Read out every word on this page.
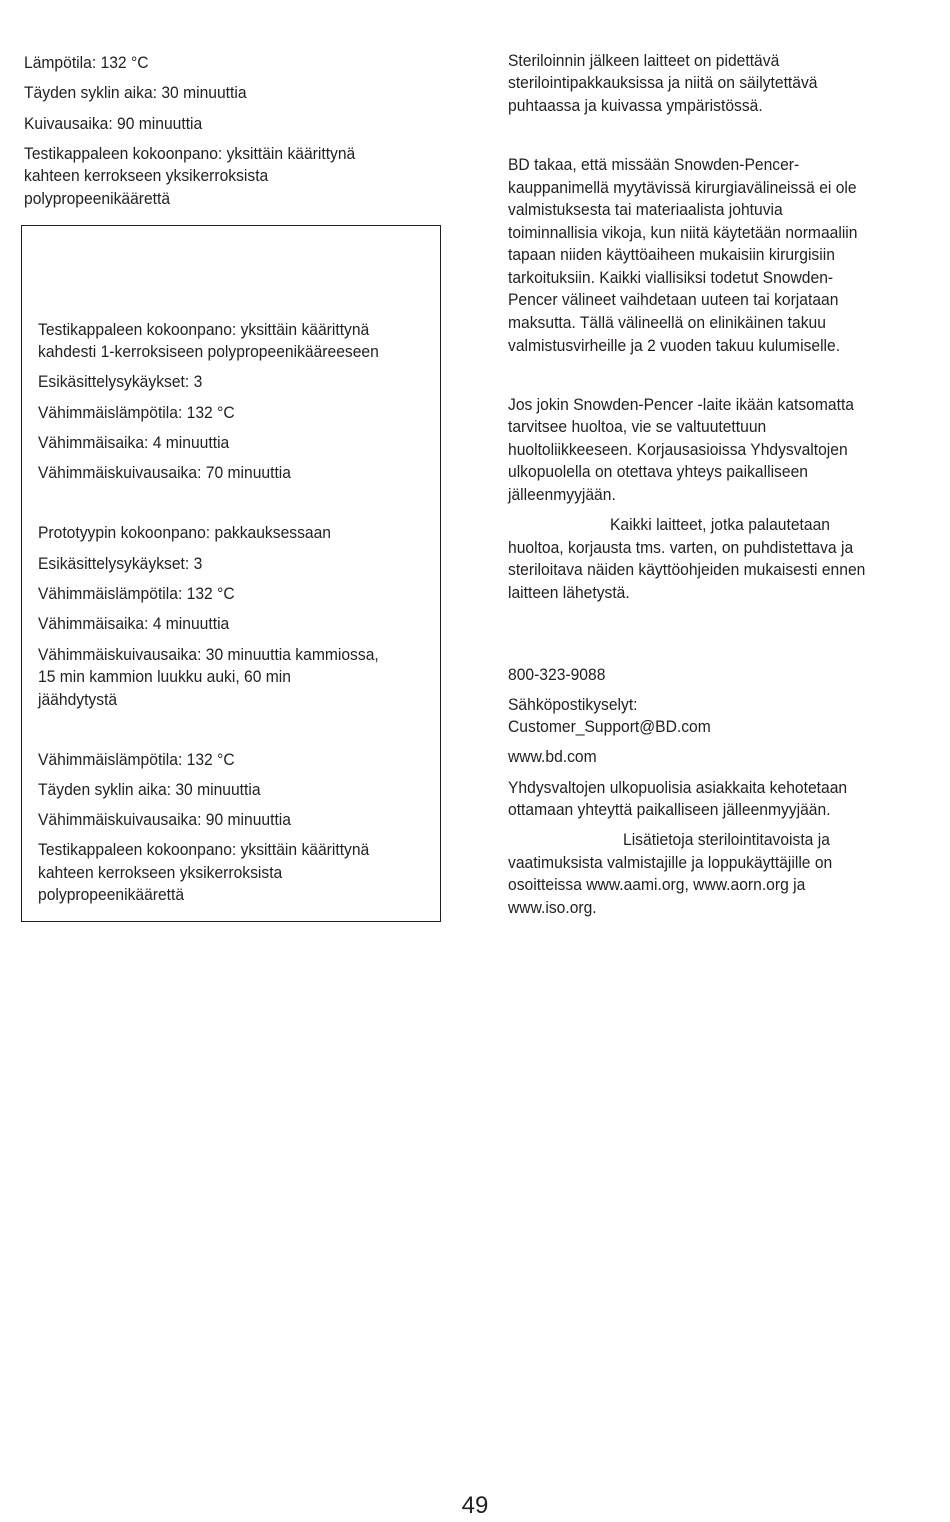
Lämpötila: 132 °C

Täyden syklin aika: 30 minuuttia

Kuivausaika: 90 minuuttia

Testikappaleen kokoonpano: yksittäin käärittynä

kahteen kerrokseen yksikerroksista

polypropeenikäärettä

Testikappaleen kokoonpano: yksittäin käärittynä

kahdesti 1-kerroksiseen polypropeenikääreeseen

Esikäsittelysykäykset: 3

Vähimmäislämpötila: 132 °C

Vähimmäisaika: 4 minuuttia

Vähimmäiskuivausaika: 70 minuuttia

Prototyypin kokoonpano: pakkauksessaan

Esikäsittelysykäykset: 3

Vähimmäislämpötila: 132 °C

Vähimmäisaika: 4 minuuttia

Vähimmäiskuivausaika: 30 minuuttia kammiossa,

15 min kammion luukku auki, 60 min

jäähdytystä

Vähimmäislämpötila: 132 °C

Täyden syklin aika: 30 minuuttia

Vähimmäiskuivausaika: 90 minuuttia

Testikappaleen kokoonpano: yksittäin käärittynä

kahteen kerrokseen yksikerroksista

polypropeenikäärettä

Steriloinnin jälkeen laitteet on pidettävä

sterilointipakkauksissa ja niitä on säilytettävä

puhtaassa ja kuivassa ympäristössä.

BD takaa, että missään Snowden-Pencer-

kauppanimellä myytävissä kirurgiavälineissä ei ole

valmistuksesta tai materiaalista johtuvia

toiminnallisia vikoja, kun niitä käytetään normaaliin

tapaan niiden käyttöaiheen mukaisiin kirurgisiin

tarkoituksiin. Kaikki viallisiksi todetut Snowden-

Pencer välineet vaihdetaan uuteen tai korjataan

maksutta. Tällä välineellä on elinikäinen takuu

valmistusvirheille ja 2 vuoden takuu kulumiselle.

Jos jokin Snowden-Pencer -laite ikään katsomatta

tarvitsee huoltoa, vie se valtuutettuun

huoltoliikkeeseen. Korjausasioissa Yhdysvaltojen

ulkopuolella on otettava yhteys paikalliseen

jälleenmyyjään.

Kaikki laitteet, jotka palautetaan

huoltoa, korjausta tms. varten, on puhdistettava ja

steriloitava näiden käyttöohjeiden mukaisesti ennen

laitteen lähetystä.

800-323-9088

Sähköpostikyselyt:

Customer_Support@BD.com

www.bd.com

Yhdysvaltojen ulkopuolisia asiakkaita kehotetaan

ottamaan yhteyttä paikalliseen jälleenmyyjään.

Lisätietoja sterilointitavoista ja

vaatimuksista valmistajille ja loppukäyttäjille on

osoitteissa www.aami.org, www.aorn.org ja

www.iso.org.

49
